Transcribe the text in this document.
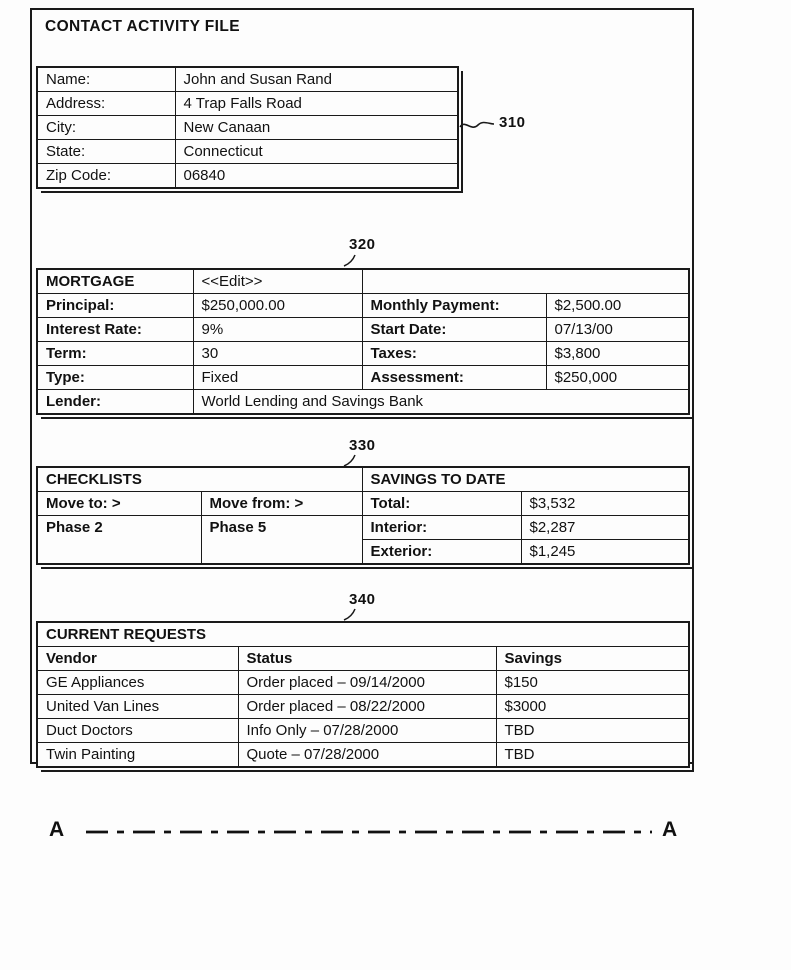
CONTACT ACTIVITY FILE
Name:	John and Susan Rand
Address:	4 Trap Falls Road
City:	New Canaan
State:	Connecticut
Zip Code:	06840
310
320
MORTGAGE	<<Edit>>		
Principal:	$250,000.00	Monthly Payment:	$2,500.00
Interest Rate:	9%	Start Date:	07/13/00
Term:	30	Taxes:	$3,800
Type:	Fixed	Assessment:	$250,000
Lender:	World Lending and Savings Bank		
330
CHECKLISTS		SAVINGS TO DATE	
Move to: >	Move from: >	Total:	$3,532
Phase 2	Phase 5	Interior:	$2,287
		Exterior:	$1,245
340
CURRENT REQUESTS		
Vendor	Status	Savings
GE Appliances	Order placed – 09/14/2000	$150
United Van Lines	Order placed – 08/22/2000	$3000
Duct Doctors	Info Only – 07/28/2000	TBD
Twin Painting	Quote – 07/28/2000	TBD
A	A
